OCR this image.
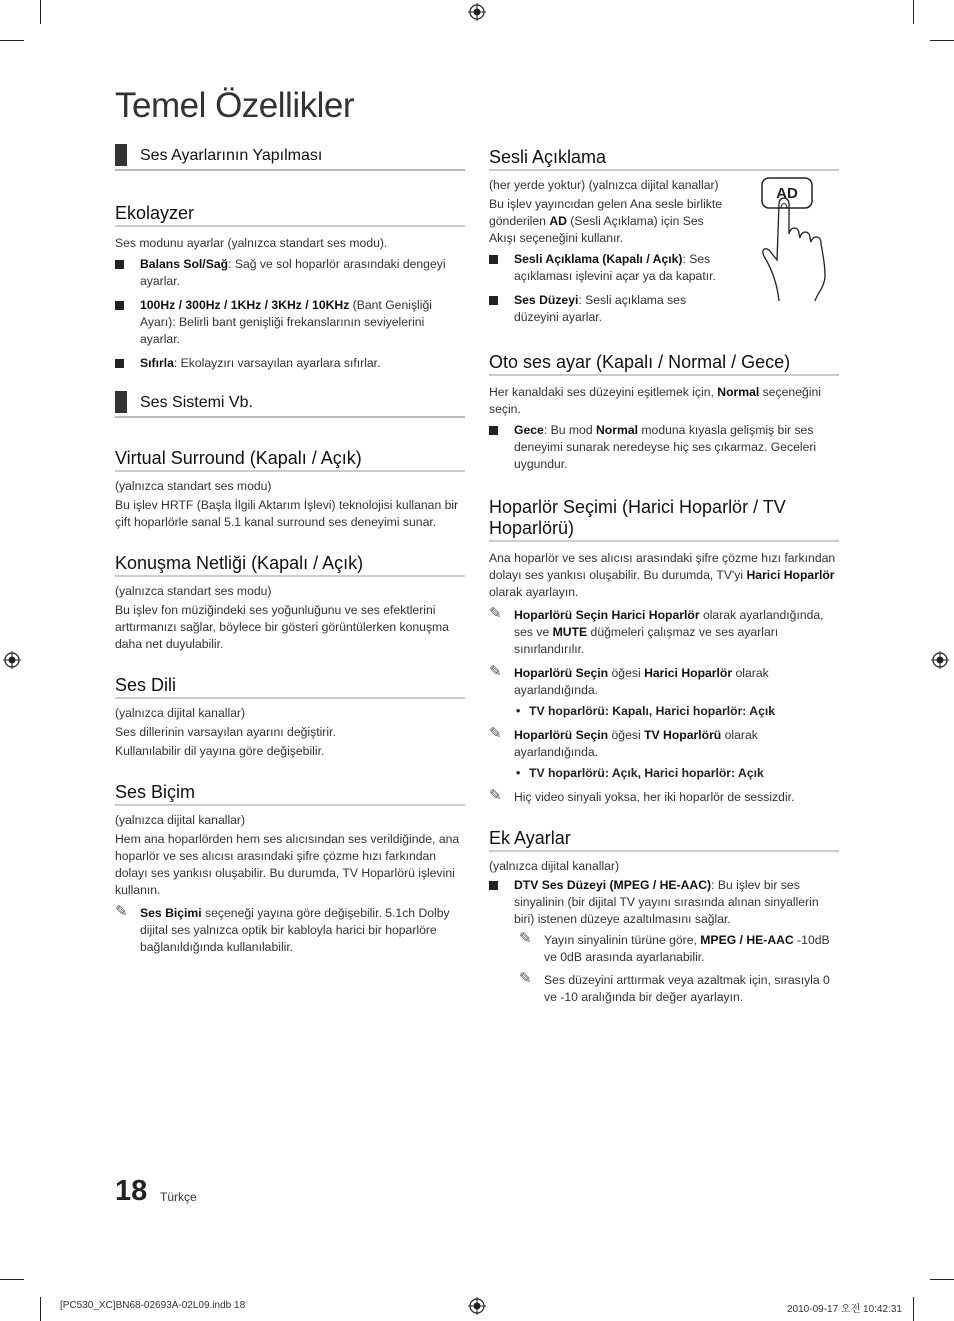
Temel Özellikler
Ses Ayarlarının Yapılması
Ekolayzer

Ses modunu ayarlar (yalnızca standart ses modu).

Balans Sol/Sağ: Sağ ve sol hoparlör arasındaki dengeyi ayarlar.
100Hz / 300Hz / 1KHz / 3KHz / 10KHz (Bant Genişliği Ayarı): Belirli bant genişliği frekanslarının seviyelerini ayarlar.
Sıfırla: Ekolayzırı varsayılan ayarlara sıfırlar.
Ses Sistemi Vb.
Virtual Surround (Kapalı / Açık)

(yalnızca standart ses modu)

Bu işlev HRTF (Başla İlgili Aktarım İşlevi) teknolojisi kullanan bir çift hoparlörle sanal 5.1 kanal surround ses deneyimi sunar.

Konuşma Netliği (Kapalı / Açık)

(yalnızca standart ses modu)

Bu işlev fon müziğindeki ses yoğunluğunu ve ses efektlerini arttırmanızı sağlar, böylece bir gösteri görüntülerken konuşma daha net duyulabilir.

Ses Dili

(yalnızca dijital kanallar)

Ses dillerinin varsayılan ayarını değiştirir.

Kullanılabilir dil yayına göre değişebilir.

Ses Biçim

(yalnızca dijital kanallar)

Hem ana hoparlörden hem ses alıcısından ses verildiğinde, ana hoparlör ve ses alıcısı arasındaki şifre çözme hızı farkından dolayı ses yankısı oluşabilir. Bu durumda, TV Hoparlörü işlevini kullanın.

✎ Ses Biçimi seçeneği yayına göre değişebilir. 5.1ch Dolby dijital ses yalnızca optik bir kabloyla harici bir hoparlöre bağlanıldığında kullanılabilir.
Sesli Açıklama

(her yerde yoktur) (yalnızca dijital kanallar)

Bu işlev yayıncıdan gelen Ana sesle birlikte gönderilen AD (Sesli Açıklama) için Ses Akışı seçeneğini kullanır.

Sesli Açıklama (Kapalı / Açık): Ses açıklaması işlevini açar ya da kapatır.
Ses Düzeyi: Sesli açıklama ses düzeyini ayarlar.
Oto ses ayar (Kapalı / Normal / Gece)

Her kanaldaki ses düzeyini eşitlemek için, Normal seçeneğini seçin.

Gece: Bu mod Normal moduna kıyasla gelişmiş bir ses deneyimi sunarak neredeyse hiç ses çıkarmaz. Geceleri uygundur.
Hoparlör Seçimi (Harici Hoparlör / TV Hoparlörü)

Ana hoparlör ve ses alıcısı arasındaki şifre çözme hızı farkından dolayı ses yankısı oluşabilir. Bu durumda, TV'yi Harici Hoparlör olarak ayarlayın.

✎ Hoparlörü Seçin Harici Hoparlör olarak ayarlandığında, ses ve MUTE düğmeleri çalışmaz ve ses ayarları sınırlandırılır.
✎ Hoparlörü Seçin öğesi Harici Hoparlör olarak ayarlandığında.
• TV hoparlörü: Kapalı, Harici hoparlör: Açık
✎ Hoparlörü Seçin öğesi TV Hoparlörü olarak ayarlandığında.
• TV hoparlörü: Açık, Harici hoparlör: Açık
✎ Hiç video sinyali yoksa, her iki hoparlör de sessizdir.
Ek Ayarlar

(yalnızca dijital kanallar)

DTV Ses Düzeyi (MPEG / HE-AAC): Bu işlev bir ses sinyalinin (bir dijital TV yayını sırasında alınan sinyallerin biri) istenen düzeye azaltılmasını sağlar.
✎ Yayın sinyalinin türüne göre, MPEG / HE-AAC -10dB ve 0dB arasında ayarlanabilir.
✎ Ses düzeyini arttırmak veya azaltmak için, sırasıyla 0 ve -10 aralığında bir değer ayarlayın.
AD
18 Türkçe
[PC530_XC]BN68-02693A-02L09.indb 18	2010-09-17 오전 10:42:31
